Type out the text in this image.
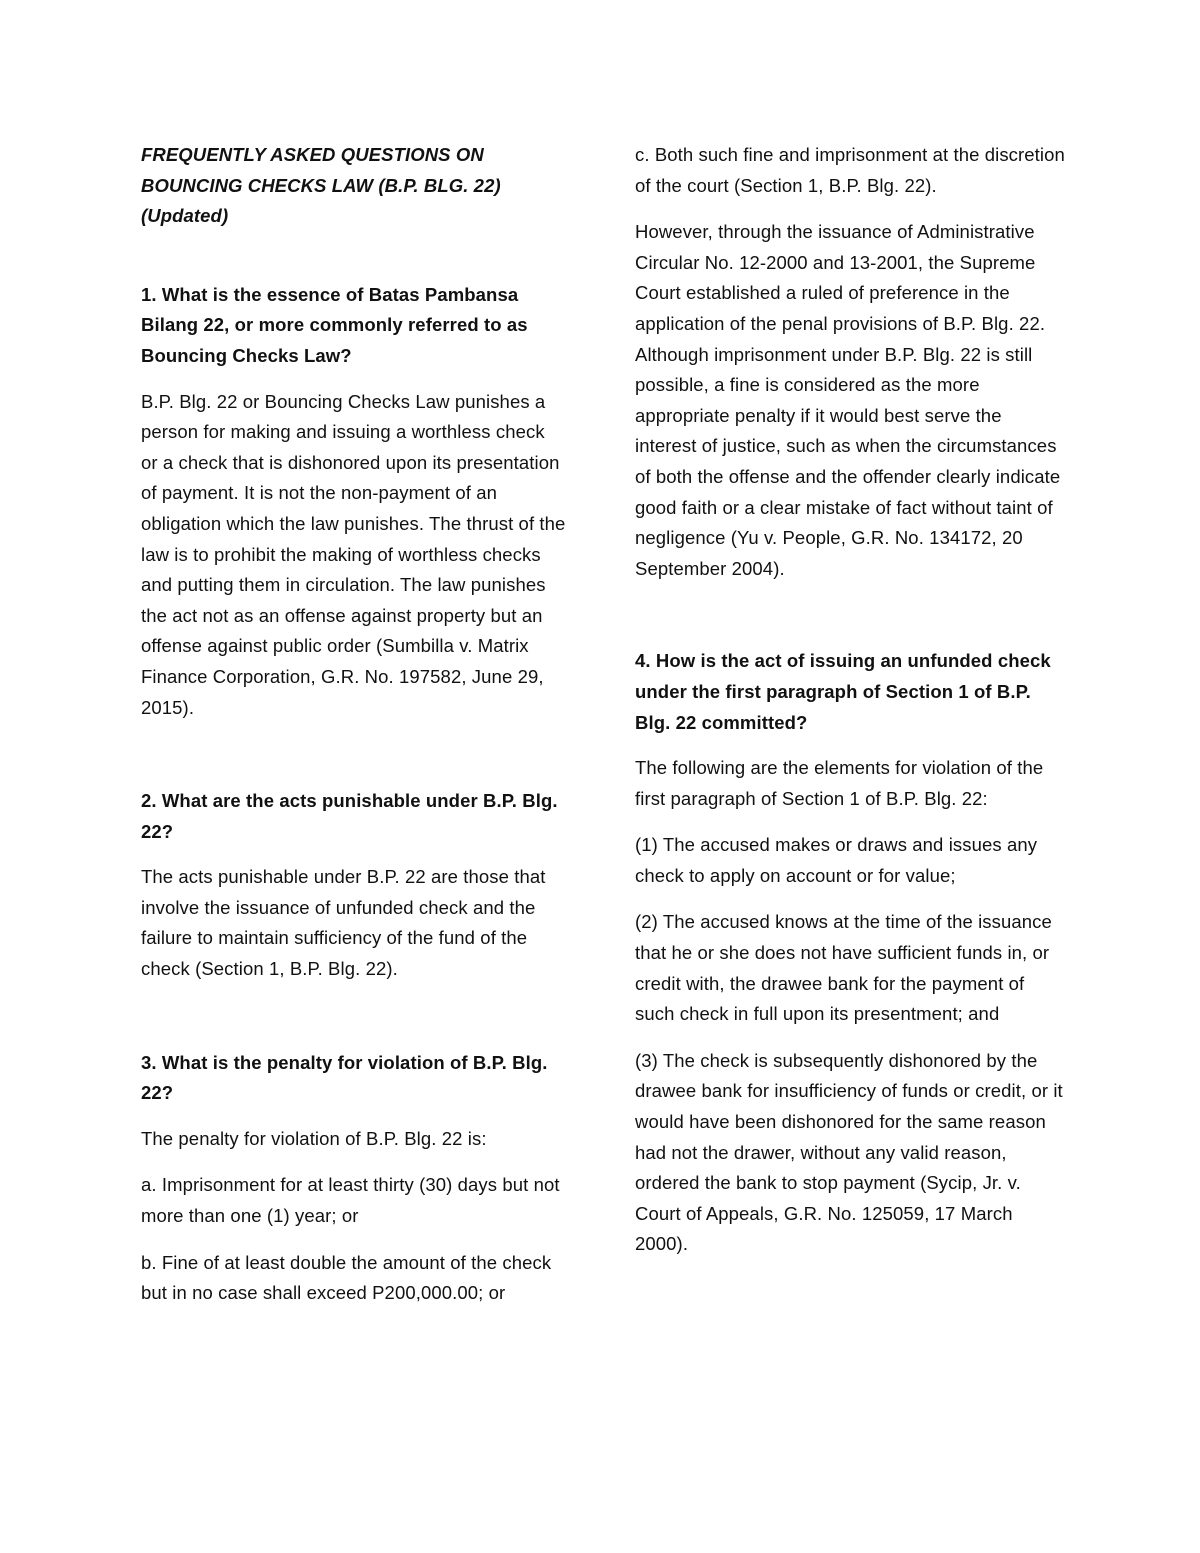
FREQUENTLY ASKED QUESTIONS ON BOUNCING CHECKS LAW (B.P. BLG. 22) (Updated)

1. What is the essence of Batas Pambansa Bilang 22, or more commonly referred to as Bouncing Checks Law?

B.P. Blg. 22 or Bouncing Checks Law punishes a person for making and issuing a worthless check or a check that is dishonored upon its presentation of payment. It is not the non-payment of an obligation which the law punishes. The thrust of the law is to prohibit the making of worthless checks and putting them in circulation. The law punishes the act not as an offense against property but an offense against public order (Sumbilla v. Matrix Finance Corporation, G.R. No. 197582, June 29, 2015).

2. What are the acts punishable under B.P. Blg. 22?

The acts punishable under B.P. 22 are those that involve the issuance of unfunded check and the failure to maintain sufficiency of the fund of the check (Section 1, B.P. Blg. 22).

3. What is the penalty for violation of B.P. Blg. 22?

The penalty for violation of B.P. Blg. 22 is:

a. Imprisonment for at least thirty (30) days but not more than one (1) year; or

b. Fine of at least double the amount of the check but in no case shall exceed P200,000.00; or

c. Both such fine and imprisonment at the discretion of the court (Section 1, B.P. Blg. 22).

However, through the issuance of Administrative Circular No. 12-2000 and 13-2001, the Supreme Court established a ruled of preference in the application of the penal provisions of B.P. Blg. 22. Although imprisonment under B.P. Blg. 22 is still possible, a fine is considered as the more appropriate penalty if it would best serve the interest of justice, such as when the circumstances of both the offense and the offender clearly indicate good faith or a clear mistake of fact without taint of negligence (Yu v. People, G.R. No. 134172, 20 September 2004).

4. How is the act of issuing an unfunded check under the first paragraph of Section 1 of B.P. Blg. 22 committed?

The following are the elements for violation of the first paragraph of Section 1 of B.P. Blg. 22:

(1) The accused makes or draws and issues any check to apply on account or for value;

(2) The accused knows at the time of the issuance that he or she does not have sufficient funds in, or credit with, the drawee bank for the payment of such check in full upon its presentment; and

(3) The check is subsequently dishonored by the drawee bank for insufficiency of funds or credit, or it would have been dishonored for the same reason had not the drawer, without any valid reason, ordered the bank to stop payment (Sycip, Jr. v. Court of Appeals, G.R. No. 125059, 17 March 2000).
